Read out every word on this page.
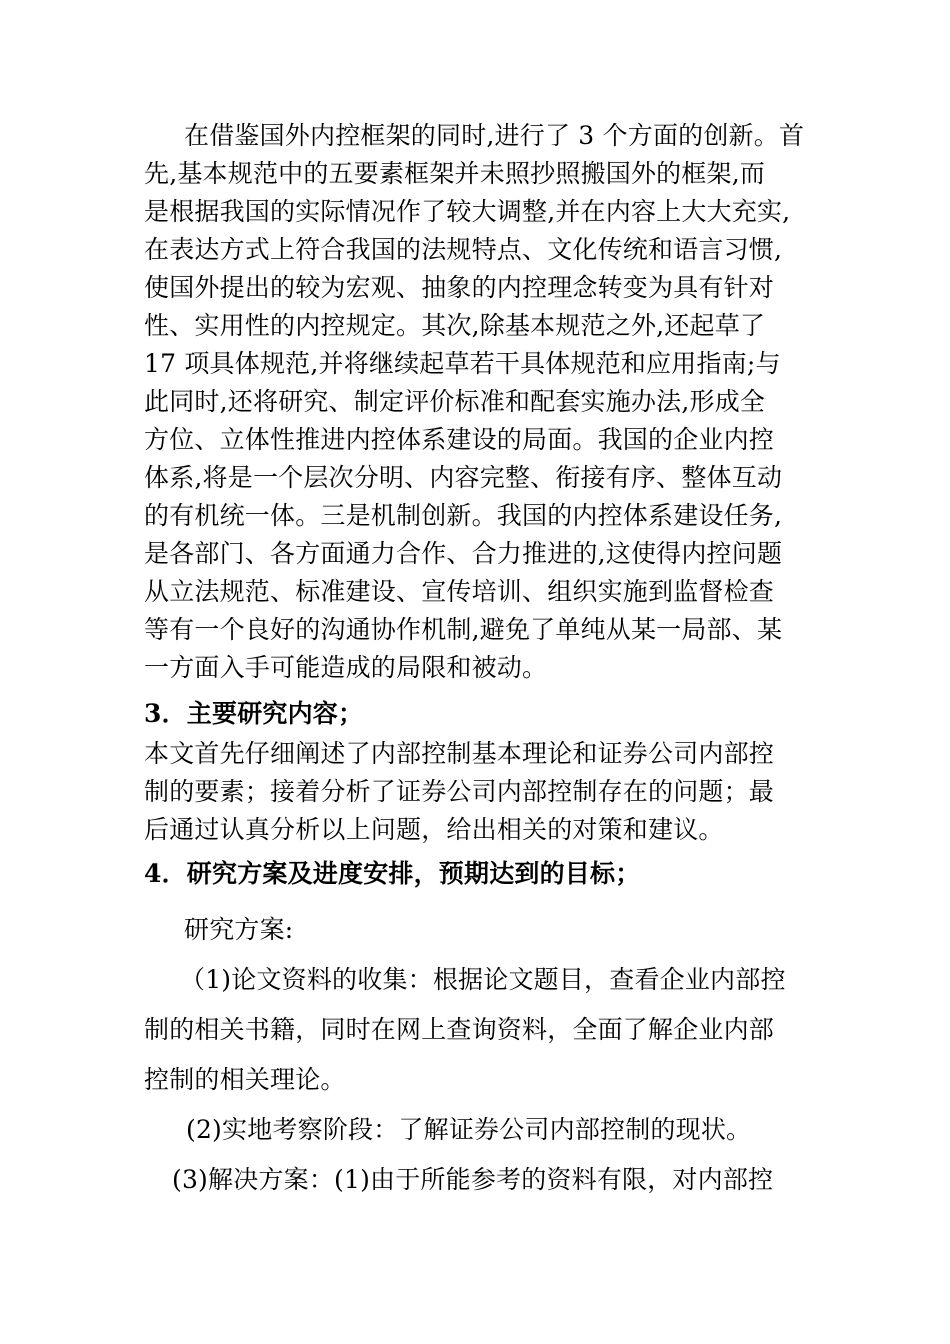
在借鉴国外内控框架的同时,进行了 3 个方面的创新。首
先,基本规范中的五要素框架并未照抄照搬国外的框架,而
是根据我国的实际情况作了较大调整,并在内容上大大充实,
在表达方式上符合我国的法规特点、文化传统和语言习惯,
使国外提出的较为宏观、抽象的内控理念转变为具有针对
性、实用性的内控规定。其次,除基本规范之外,还起草了
17 项具体规范,并将继续起草若干具体规范和应用指南;与
此同时,还将研究、制定评价标准和配套实施办法,形成全
方位、立体性推进内控体系建设的局面。我国的企业内控
体系,将是一个层次分明、内容完整、衔接有序、整体互动
的有机统一体。三是机制创新。我国的内控体系建设任务,
是各部门、各方面通力合作、合力推进的,这使得内控问题
从立法规范、标准建设、宣传培训、组织实施到监督检查
等有一个良好的沟通协作机制,避免了单纯从某一局部、某
一方面入手可能造成的局限和被动。
3．主要研究内容；
本文首先仔细阐述了内部控制基本理论和证券公司内部控
制的要素；接着分析了证券公司内部控制存在的问题；最
后通过认真分析以上问题，给出相关的对策和建议。
4．研究方案及进度安排，预期达到的目标；
研究方案:
（1)论文资料的收集：根据论文题目，查看企业内部控
制的相关书籍，同时在网上查询资料，全面了解企业内部
控制的相关理论。
(2)实地考察阶段：了解证券公司内部控制的现状。
(3)解决方案：(1)由于所能参考的资料有限，对内部控
